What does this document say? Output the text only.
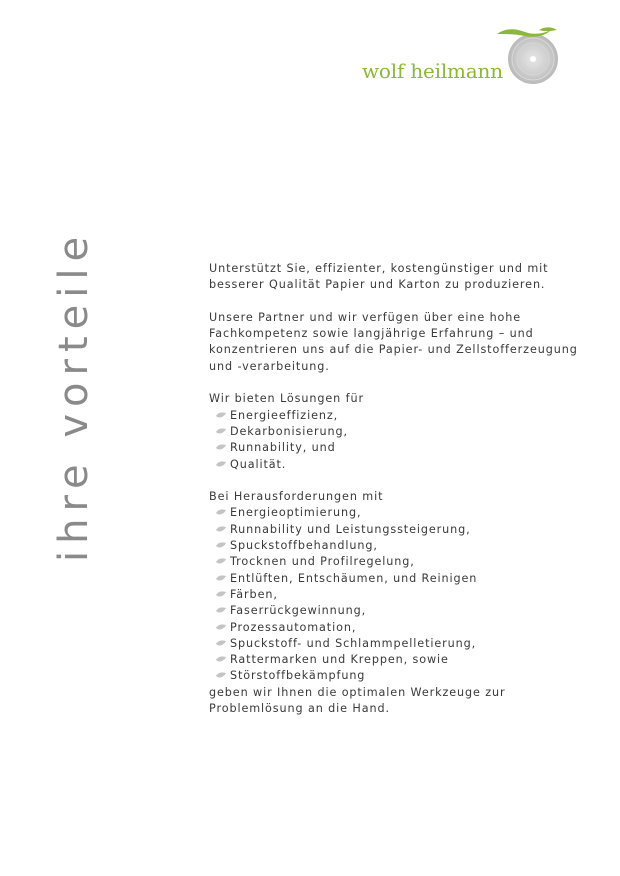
wolf heilmann
ihre vorteile	Unterstützt Sie, effizienter, kostengünstiger und mit

besserer Qualität Papier und Karton zu produzieren.

Unsere Partner und wir verfügen über eine hohe

Fachkompetenz sowie langjährige Erfahrung – und

konzentrieren uns auf die Papier- und Zellstofferzeugung

und -verarbeitung.

Wir bieten Lösungen für

Energieeffizienz,
Dekarbonisierung,
Runnability, und
Qualität.

Bei Herausforderungen mit

Energieoptimierung,
Runnability und Leistungssteigerung,
Spuckstoffbehandlung,
Trocknen und Profilregelung,
Entlüften, Entschäumen, und Reinigen
Färben,
Faserrückgewinnung,
Prozessautomation,
Spuckstoff- und Schlammpelletierung,
Rattermarken und Kreppen, sowie
Störstoffbekämpfung

geben wir Ihnen die optimalen Werkzeuge zur

Problemlösung an die Hand.
